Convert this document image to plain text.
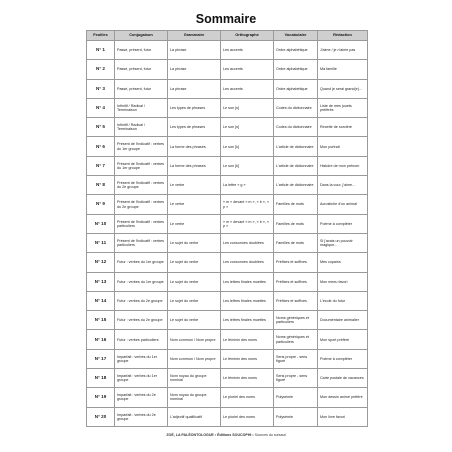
Sommaire
Feuilles	Conjugaison	Grammaire	Orthographe	Vocabulaire	Rédaction
N° 1	Passé, présent, futur	La phrase	Les accents	Ordre alphabétique	J'aime / je n'aime pas
N° 2	Passé, présent, futur	La phrase	Les accents	Ordre alphabétique	Ma famille
N° 3	Passé, présent, futur	La phrase	Les accents	Ordre alphabétique	Quand je serai grand(e)...
N° 4	Infinitif / Radical / Terminaison	Les types de phrases	Le son [s]	Codes du dictionnaire	Liste de mes jouets préférés
N° 5	Infinitif / Radical / Terminaison	Les types de phrases	Le son [s]	Codes du dictionnaire	Recette de sorcière
N° 6	Présent de l'indicatif : verbes du 1er groupe	La forme des phrases	Le son [k]	L'article de dictionnaire	Mon portrait
N° 7	Présent de l'indicatif : verbes du 1er groupe	La forme des phrases	Le son [k]	L'article de dictionnaire	Histoire de mon prénom
N° 8	Présent de l'indicatif : verbes du 2e groupe	Le verbe	La lettre « g »	L'article de dictionnaire	Dans la cour, j'aime...
N° 9	Présent de l'indicatif : verbes du 2e groupe	Le verbe	« m » devant « m », « b », « p »	Familles de mots	Acrostiche d'un animal
N° 10	Présent de l'indicatif : verbes particuliers	Le verbe	« m » devant « m », « b », « p »	Familles de mots	Poème à compléter
N° 11	Présent de l'indicatif : verbes particuliers	Le sujet du verbe	Les consonnes doublées	Familles de mots	Si j'avais un pouvoir magique...
N° 12	Futur : verbes du 1er groupe	Le sujet du verbe	Les consonnes doublées	Préfixes et suffixes	Mes copains
N° 13	Futur : verbes du 1er groupe	Le sujet du verbe	Les lettres finales muettes	Préfixes et suffixes	Mon meeu favori
N° 14	Futur : verbes du 2e groupe	Le sujet du verbe	Les lettres finales muettes	Préfixes et suffixes	L'école du futur
N° 15	Futur : verbes du 2e groupe	Le sujet du verbe	Les lettres finales muettes	Noms génériques et particuliers	Documentaire animalier
N° 16	Futur : verbes particuliers	Nom commun / Nom propre	Le féminin des noms	Noms génériques et particuliers	Mon sport préféré
N° 17	Imparfait : verbes du 1er groupe	Nom commun / Nom propre	Le féminin des noms	Sens propre - sens figuré	Poème à compléter
N° 18	Imparfait : verbes du 1er groupe	Nom noyau du groupe nominal	Le féminin des noms	Sens propre - sens figuré	Carte postale de vacances
N° 19	Imparfait : verbes du 2e groupe	Nom noyau du groupe nominal	Le pluriel des noms	Polysémie	Mon dessin animé préféré
N° 20	Imparfait : verbes du 2e groupe	L'adjectif qualificatif	Le pluriel des noms	Polysémie	Mon livre favori
ZOÉ, LA PALÉONTOLOGUE • Éditions SOUCOPHI • Sources du sursaut
